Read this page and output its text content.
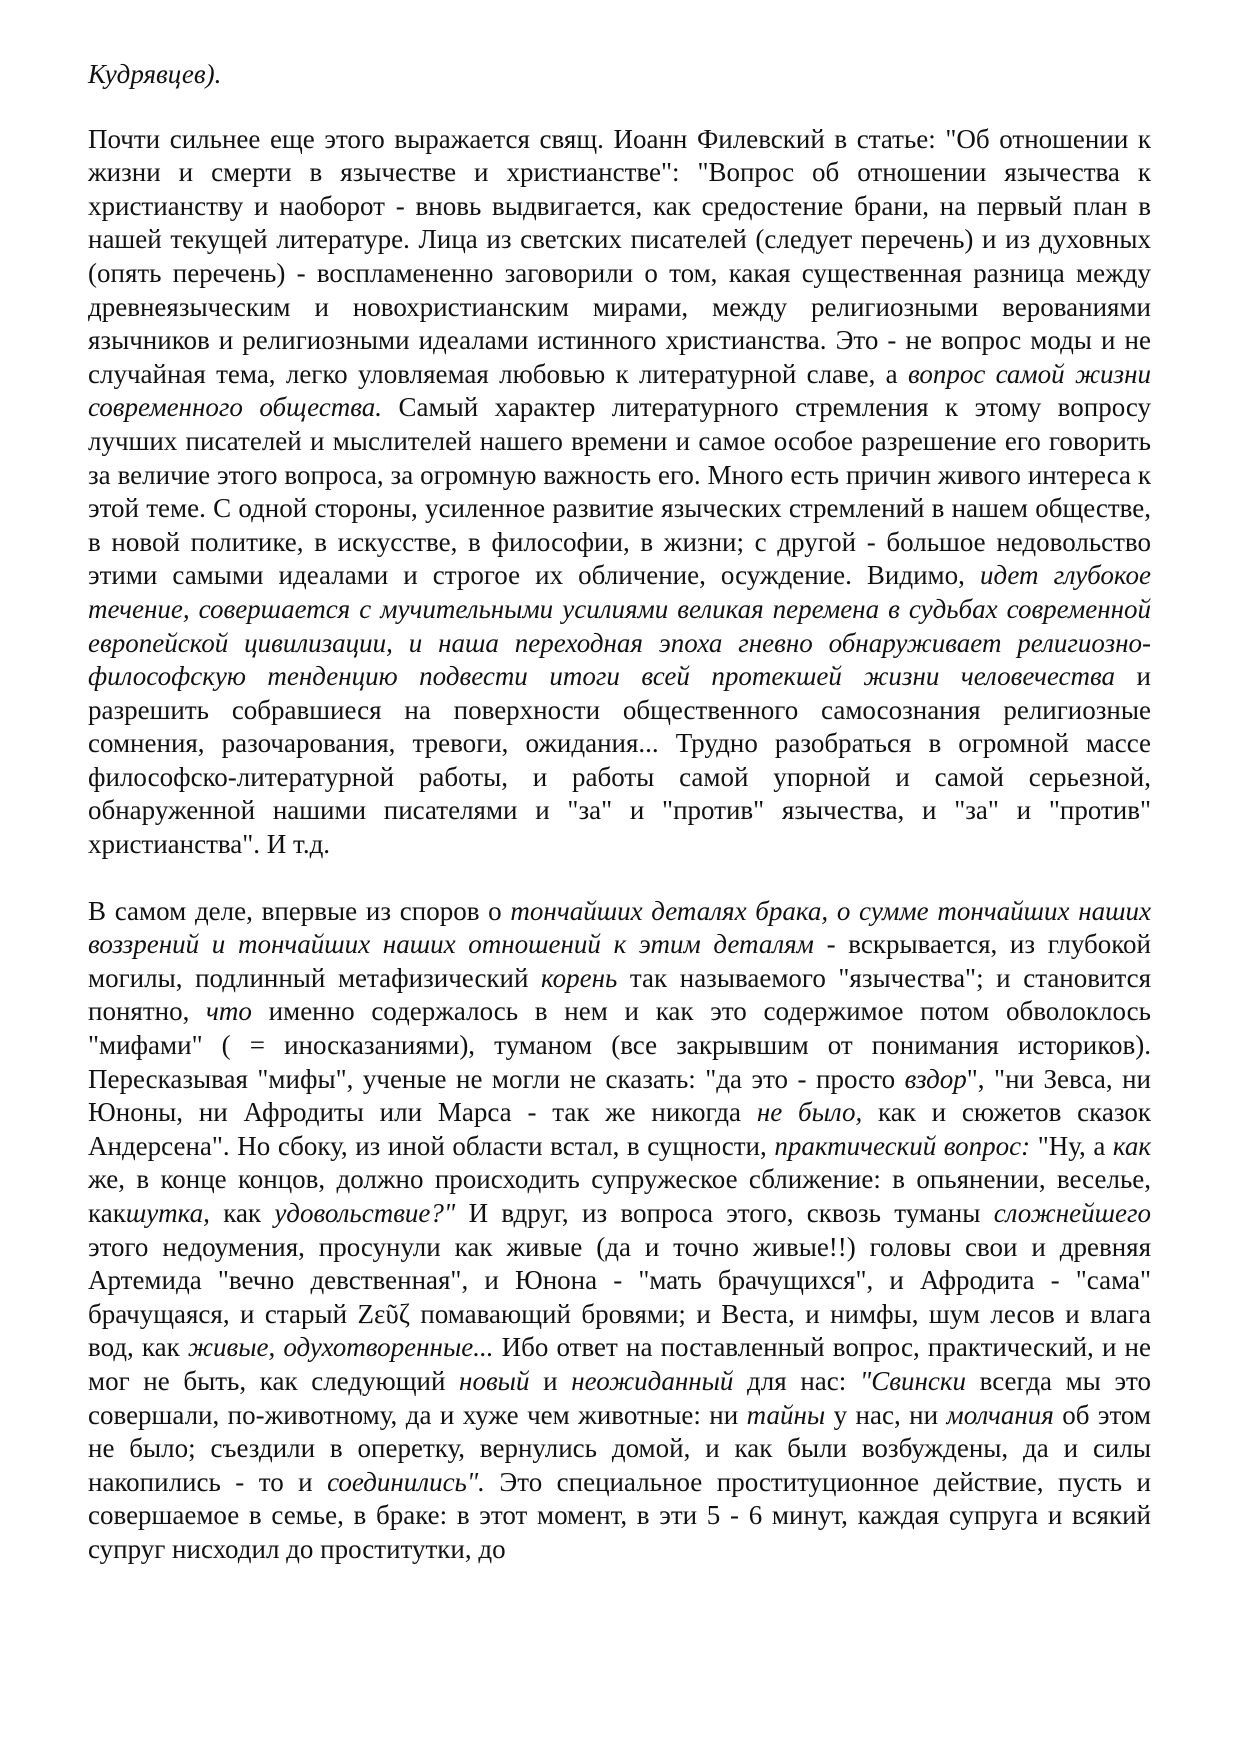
Кудрявцев).

Почти сильнее еще этого выражается свящ. Иоанн Филевский в статье: "Об отношении к жизни и смерти в язычестве и христианстве": "Вопрос об отношении язычества к христианству и наоборот - вновь выдвигается, как средостение брани, на первый план в нашей текущей литературе. Лица из светских писателей (следует перечень) и из духовных (опять перечень) - воспламененно заговорили о том, какая существенная разница между древнеязыческим и новохристианским мирами, между религиозными верованиями язычников и религиозными идеалами истинного христианства. Это - не вопрос моды и не случайная тема, легко уловляемая любовью к литературной славе, а вопрос самой жизни современного общества. Самый характер литературного стремления к этому вопросу лучших писателей и мыслителей нашего времени и самое особое разрешение его говорить за величие этого вопроса, за огромную важность его. Много есть причин живого интереса к этой теме. С одной стороны, усиленное развитие языческих стремлений в нашем обществе, в новой политике, в искусстве, в философии, в жизни; с другой - большое недовольство этими самыми идеалами и строгое их обличение, осуждение. Видимо, идет глубокое течение, совершается с мучительными усилиями великая перемена в судьбах современной европейской цивилизации, и наша переходная эпоха гневно обнаруживает религиозно-философскую тенденцию подвести итоги всей протекшей жизни человечества и разрешить собравшиеся на поверхности общественного самосознания религиозные сомнения, разочарования, тревоги, ожидания... Трудно разобраться в огромной массе философско-литературной работы, и работы самой упорной и самой серьезной, обнаруженной нашими писателями и "за" и "против" язычества, и "за" и "против" христианства". И т.д.

В самом деле, впервые из споров о тончайших деталях брака, о сумме тончайших наших воззрений и тончайших наших отношений к этим деталям - вскрывается, из глубокой могилы, подлинный метафизический корень так называемого "язычества"; и становится понятно, что именно содержалось в нем и как это содержимое потом обволоклось "мифами" ( = иносказаниями), туманом (все закрывшим от понимания историков). Пересказывая "мифы", ученые не могли не сказать: "да это - просто вздор", "ни Зевса, ни Юноны, ни Афродиты или Марса - так же никогда не было, как и сюжетов сказок Андерсена". Но сбоку, из иной области встал, в сущности, практический вопрос: "Ну, а как же, в конце концов, должно происходить супружеское сближение: в опьянении, веселье, какшутка, как удовольствие?" И вдруг, из вопроса этого, сквозь туманы сложнейшего этого недоумения, просунули как живые (да и точно живые!!) головы свои и древняя Артемида "вечно девственная", и Юнона - "мать брачущихся", и Афродита - "сама" брачущаяся, и старый Ζεῦζ помавающий бровями; и Веста, и нимфы, шум лесов и влага вод, как живые, одухотворенные... Ибо ответ на поставленный вопрос, практический, и не мог не быть, как следующий новый и неожиданный для нас: "Свински всегда мы это совершали, по-животному, да и хуже чем животные: ни тайны у нас, ни молчания об этом не было; съездили в оперетку, вернулись домой, и как были возбуждены, да и силы накопились - то и соединились". Это специальное проституционное действие, пусть и совершаемое в семье, в браке: в этот момент, в эти 5 - 6 минут, каждая супруга и всякий супруг нисходил до проститутки, до
